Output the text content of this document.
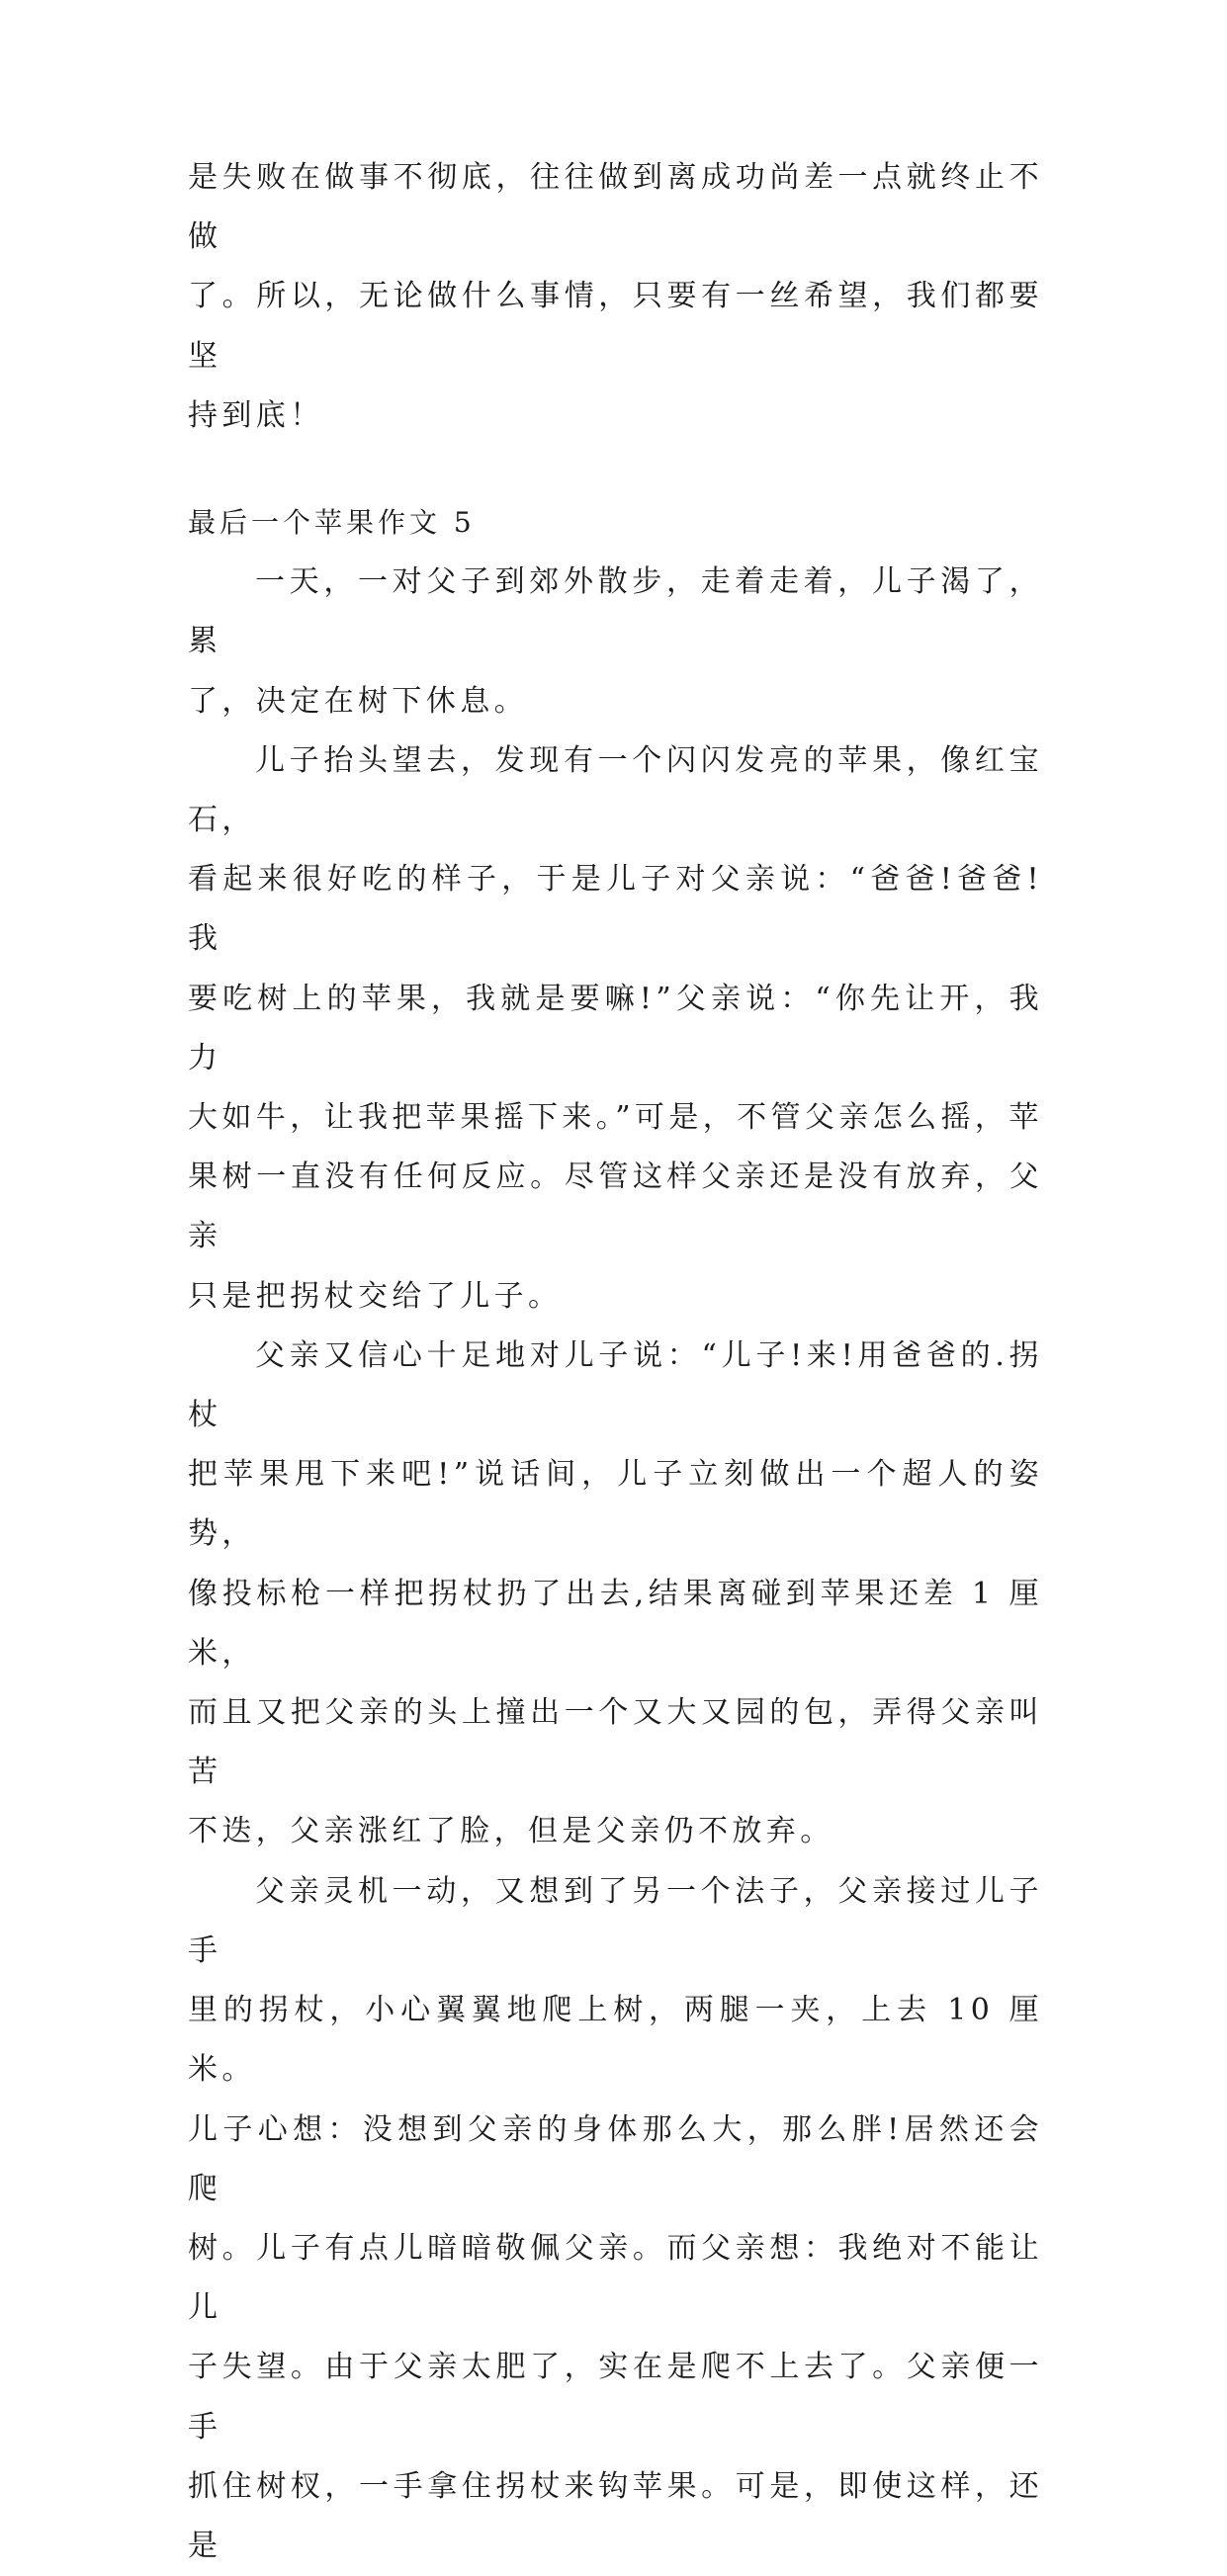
是失败在做事不彻底，往往做到离成功尚差一点就终止不做
了。所以，无论做什么事情，只要有一丝希望，我们都要坚
持到底！

最后一个苹果作文 5

一天，一对父子到郊外散步，走着走着，儿子渴了，累
了，决定在树下休息。

儿子抬头望去，发现有一个闪闪发亮的苹果，像红宝石，
看起来很好吃的样子，于是儿子对父亲说：“爸爸!爸爸!我
要吃树上的苹果，我就是要嘛!”父亲说：“你先让开，我力
大如牛，让我把苹果摇下来。”可是，不管父亲怎么摇，苹
果树一直没有任何反应。尽管这样父亲还是没有放弃，父亲
只是把拐杖交给了儿子。

父亲又信心十足地对儿子说：“儿子!来!用爸爸的.拐杖
把苹果甩下来吧!”说话间，儿子立刻做出一个超人的姿势，
像投标枪一样把拐杖扔了出去,结果离碰到苹果还差 1 厘米，
而且又把父亲的头上撞出一个又大又园的包，弄得父亲叫苦
不迭，父亲涨红了脸，但是父亲仍不放弃。

父亲灵机一动，又想到了另一个法子，父亲接过儿子手
里的拐杖，小心翼翼地爬上树，两腿一夹，上去 10 厘米。
儿子心想：没想到父亲的身体那么大，那么胖!居然还会爬
树。儿子有点儿暗暗敬佩父亲。而父亲想：我绝对不能让儿
子失望。由于父亲太肥了，实在是爬不上去了。父亲便一手
抓住树杈，一手拿住拐杖来钩苹果。可是，即使这样，还是
